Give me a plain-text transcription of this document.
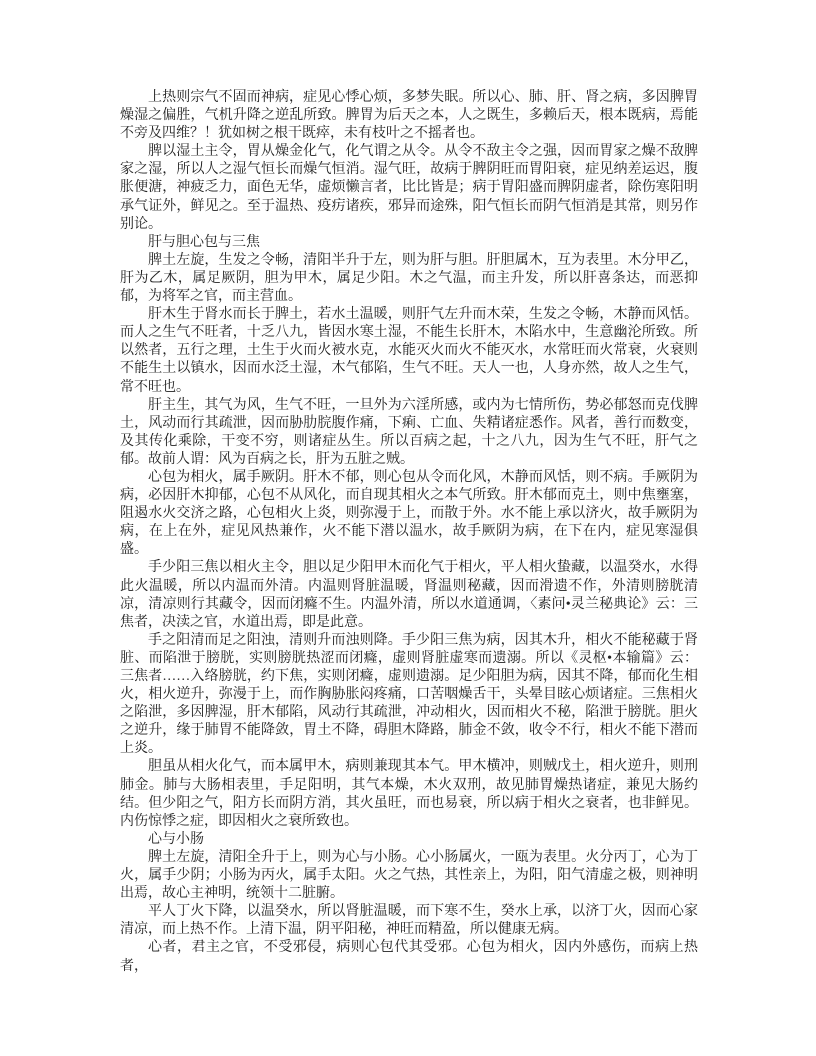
上热则宗气不固而神病，症见心悸心烦，多梦失眠。所以心、肺、肝、肾之病，多因脾胃燥湿之偏胜，气机升降之逆乱所致。脾胃为后天之本，人之既生，多赖后天，根本既病，焉能不旁及四维？！犹如树之根干既瘁，未有枝叶之不摇者也。

脾以湿土主令，胃从燥金化气，化气谓之从令。从令不敌主令之强，因而胃家之燥不敌脾家之湿，所以人之湿气恒长而燥气恒消。湿气旺，故病于脾阴旺而胃阳衰，症见纳差运迟，腹胀便溏，神疲乏力，面色无华，虚烦懒言者，比比皆是；病于胃阳盛而脾阴虚者，除伤寒阳明承气证外，鲜见之。至于温热、疫疠诸疾，邪异而途殊，阳气恒长而阴气恒消是其常，则另作别论。

肝与胆心包与三焦

脾土左旋，生发之令畅，清阳半升于左，则为肝与胆。肝胆属木，互为表里。木分甲乙，肝为乙木，属足厥阴，胆为甲木，属足少阳。木之气温，而主升发，所以肝喜条达，而恶抑郁，为将军之官，而主营血。

肝木生于肾水而长于脾土，若水土温暖，则肝气左升而木荣，生发之令畅，木静而风恬。而人之生气不旺者，十乏八九，皆因水寒土湿，不能生长肝木，木陷水中，生意幽沦所致。所以然者，五行之理，土生于火而火被水克，水能灭火而火不能灭水，水常旺而火常衰，火衰则不能生土以镇水，因而水泛土湿，木气郁陷，生气不旺。天人一也，人身亦然，故人之生气，常不旺也。

肝主生，其气为风，生气不旺，一旦外为六淫所感，或内为七情所伤，势必郁怒而克伐脾土，风动而行其疏泄，因而胁肋脘腹作痛，下痢、亡血、失精诸症悉作。风者，善行而数变，及其传化乘除，干变不穷，则诸症丛生。所以百病之起，十之八九，因为生气不旺，肝气之郁。故前人谓：风为百病之长，肝为五脏之贼。

心包为相火，属手厥阴。肝木不郁，则心包从令而化风，木静而风恬，则不病。手厥阴为病，必因肝木抑郁，心包不从风化，而自现其相火之本气所致。肝木郁而克土，则中焦壅塞，阻遏水火交济之路，心包相火上炎，则弥漫于上，而散于外。水不能上承以济火，故手厥阴为病，在上在外，症见风热兼作，火不能下潜以温水，故手厥阴为病，在下在内，症见寒湿俱盛。

手少阳三焦以相火主令，胆以足少阳甲木而化气于相火，平人相火蛰藏，以温癸水，水得此火温暖，所以内温而外清。内温则肾脏温暖，肾温则秘藏，因而滑遗不作，外清则膀胱清凉，清凉则行其藏令，因而闭癃不生。内温外清，所以水道通调，〈素问•灵兰秘典论》云：三焦者，决渎之官，水道出焉，即是此意。

手之阳清而足之阳浊，清则升而浊则降。手少阳三焦为病，因其木升，相火不能秘藏于肾脏、而陷泄于膀胱，实则膀胱热涩而闭癃，虚则肾脏虚寒而遗溺。所以《灵枢•本输篇》云：三焦者……入络膀胱，约下焦，实则闭癃，虚则遗溺。足少阳胆为病，因其不降，郁而化生相火，相火逆升，弥漫于上，而作胸胁胀闷疼痛，口苦咽燥舌干，头晕目眩心烦诸症。三焦相火之陷泄，多因脾湿，肝木郁陷，风动行其疏泄，冲动相火，因而相火不秘，陷泄于膀胱。胆火之逆升，缘于肺胃不能降敛，胃土不降，碍胆木降路，肺金不敛，收令不行，相火不能下潜而上炎。

胆虽从相火化气，而本属甲木，病则兼现其本气。甲木横冲，则贼戊土，相火逆升，则刑肺金。肺与大肠相表里，手足阳明，其气本燥，木火双刑，故见肺胃燥热诸症，兼见大肠约结。但少阳之气，阳方长而阴方消，其火虽旺，而也易衰，所以病于相火之衰者，也非鲜见。内伤惊悸之症，即因相火之衰所致也。

心与小肠

脾土左旋，清阳全升于上，则为心与小肠。心小肠属火，一瓯为表里。火分丙丁，心为丁火，属手少阴；小肠为丙火，属手太阳。火之气热，其性亲上，为阳，阳气清虚之极，则神明出焉，故心主神明，统领十二脏腑。

平人丁火下降，以温癸水，所以肾脏温暖，而下寒不生，癸水上承，以济丁火，因而心家清凉，而上热不作。上清下温，阴平阳秘，神旺而精盈，所以健康无病。

心者，君主之官，不受邪侵，病则心包代其受邪。心包为相火，因内外感伤，而病上热者，
